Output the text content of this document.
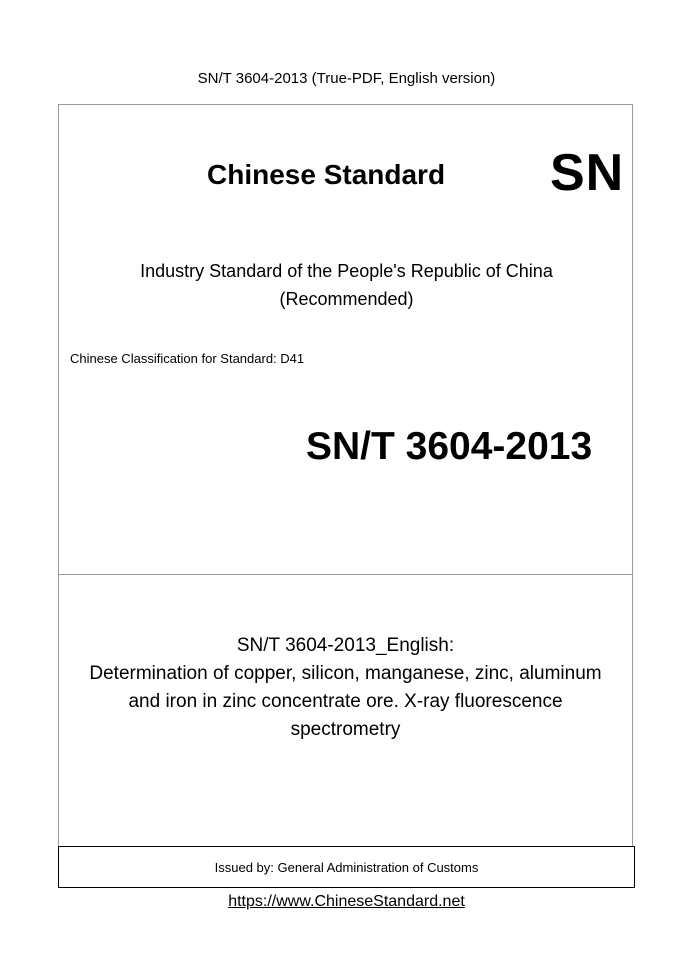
SN/T 3604-2013 (True-PDF, English version)
Chinese Standard SN
Industry Standard of the People's Republic of China
(Recommended)
Chinese Classification for Standard: D41
SN/T 3604-2013
SN/T 3604-2013_English:
Determination of copper, silicon, manganese, zinc, aluminum
and iron in zinc concentrate ore. X-ray fluorescence
spectrometry
Issued by: General Administration of Customs
https://www.ChineseStandard.net
